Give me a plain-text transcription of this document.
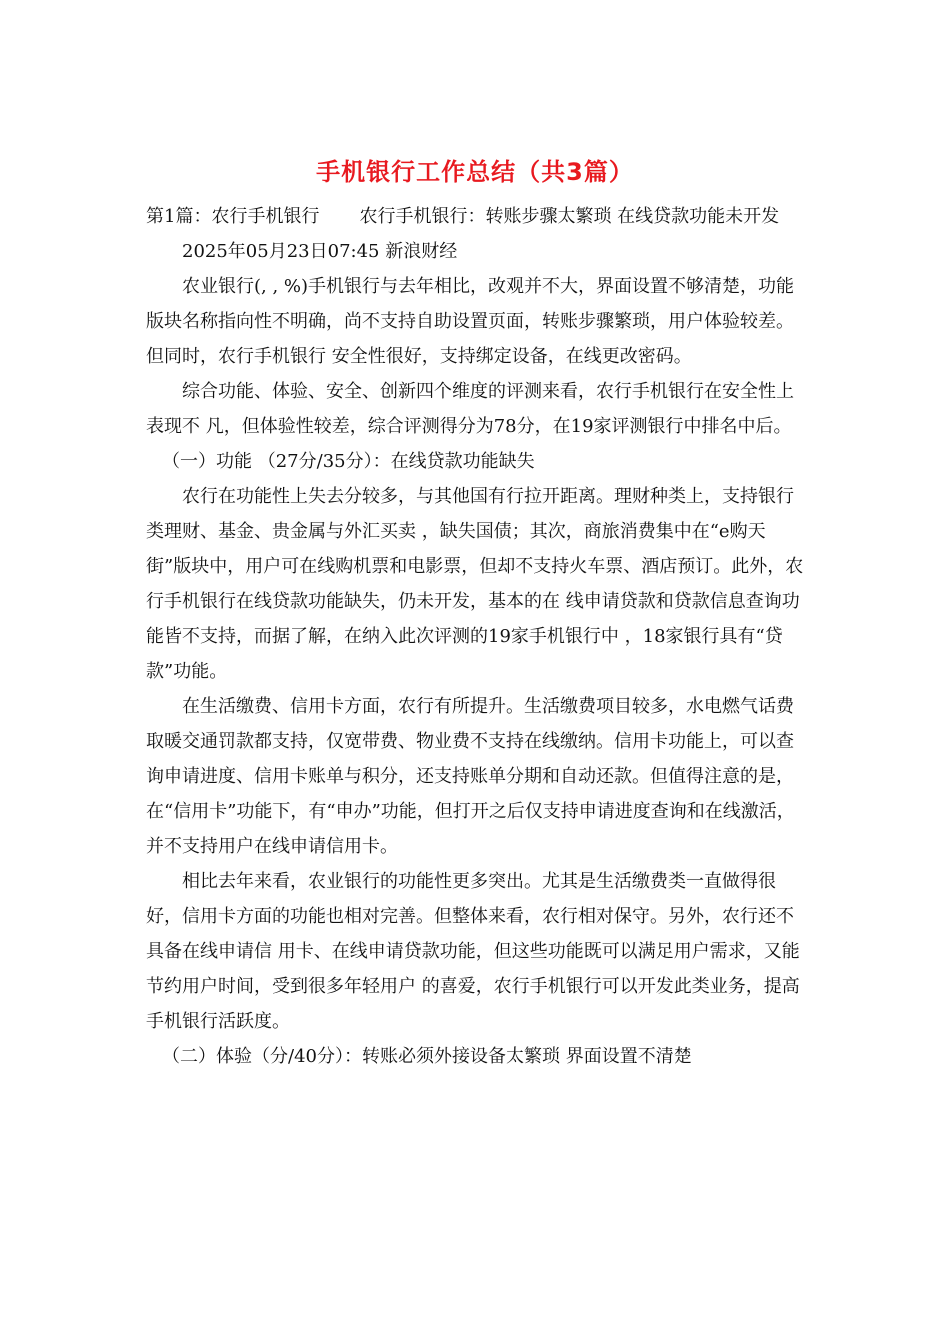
手机银行工作总结（共3篇）

第1篇：农行手机银行 农行手机银行：转账步骤太繁琐 在线贷款功能未开发

2025年05月23日07:45 新浪财经

农业银行(, , %)手机银行与去年相比，改观并不大，界面设置不够清楚，功能版块名称指向性不明确，尚不支持自助设置页面，转账步骤繁琐，用户体验较差。但同时，农行手机银行 安全性很好，支持绑定设备，在线更改密码。

综合功能、体验、安全、创新四个维度的评测来看，农行手机银行在安全性上表现不 凡，但体验性较差，综合评测得分为78分，在19家评测银行中排名中后。

（一）功能 （27分/35分）：在线贷款功能缺失

农行在功能性上失去分较多，与其他国有行拉开距离。理财种类上，支持银行类理财、基金、贵金属与外汇买卖 ，缺失国债；其次，商旅消费集中在“e购天街”版块中，用户可在线购机票和电影票，但却不支持火车票、酒店预订。此外，农行手机银行在线贷款功能缺失，仍未开发，基本的在 线申请贷款和贷款信息查询功能皆不支持，而据了解，在纳入此次评测的19家手机银行中 ，18家银行具有“贷款”功能。

在生活缴费、信用卡方面，农行有所提升。生活缴费项目较多，水电燃气话费取暖交通罚款都支持，仅宽带费、物业费不支持在线缴纳。信用卡功能上，可以查询申请进度、信用卡账单与积分，还支持账单分期和自动还款。但值得注意的是，在“信用卡”功能下，有“申办”功能，但打开之后仅支持申请进度查询和在线激活，并不支持用户在线申请信用卡。

相比去年来看，农业银行的功能性更多突出。尤其是生活缴费类一直做得很好，信用卡方面的功能也相对完善。但整体来看，农行相对保守。另外，农行还不具备在线申请信 用卡、在线申请贷款功能，但这些功能既可以满足用户需求，又能节约用户时间，受到很多年轻用户 的喜爱，农行手机银行可以开发此类业务，提高手机银行活跃度。

（二）体验（分/40分）：转账必须外接设备太繁琐 界面设置不清楚
